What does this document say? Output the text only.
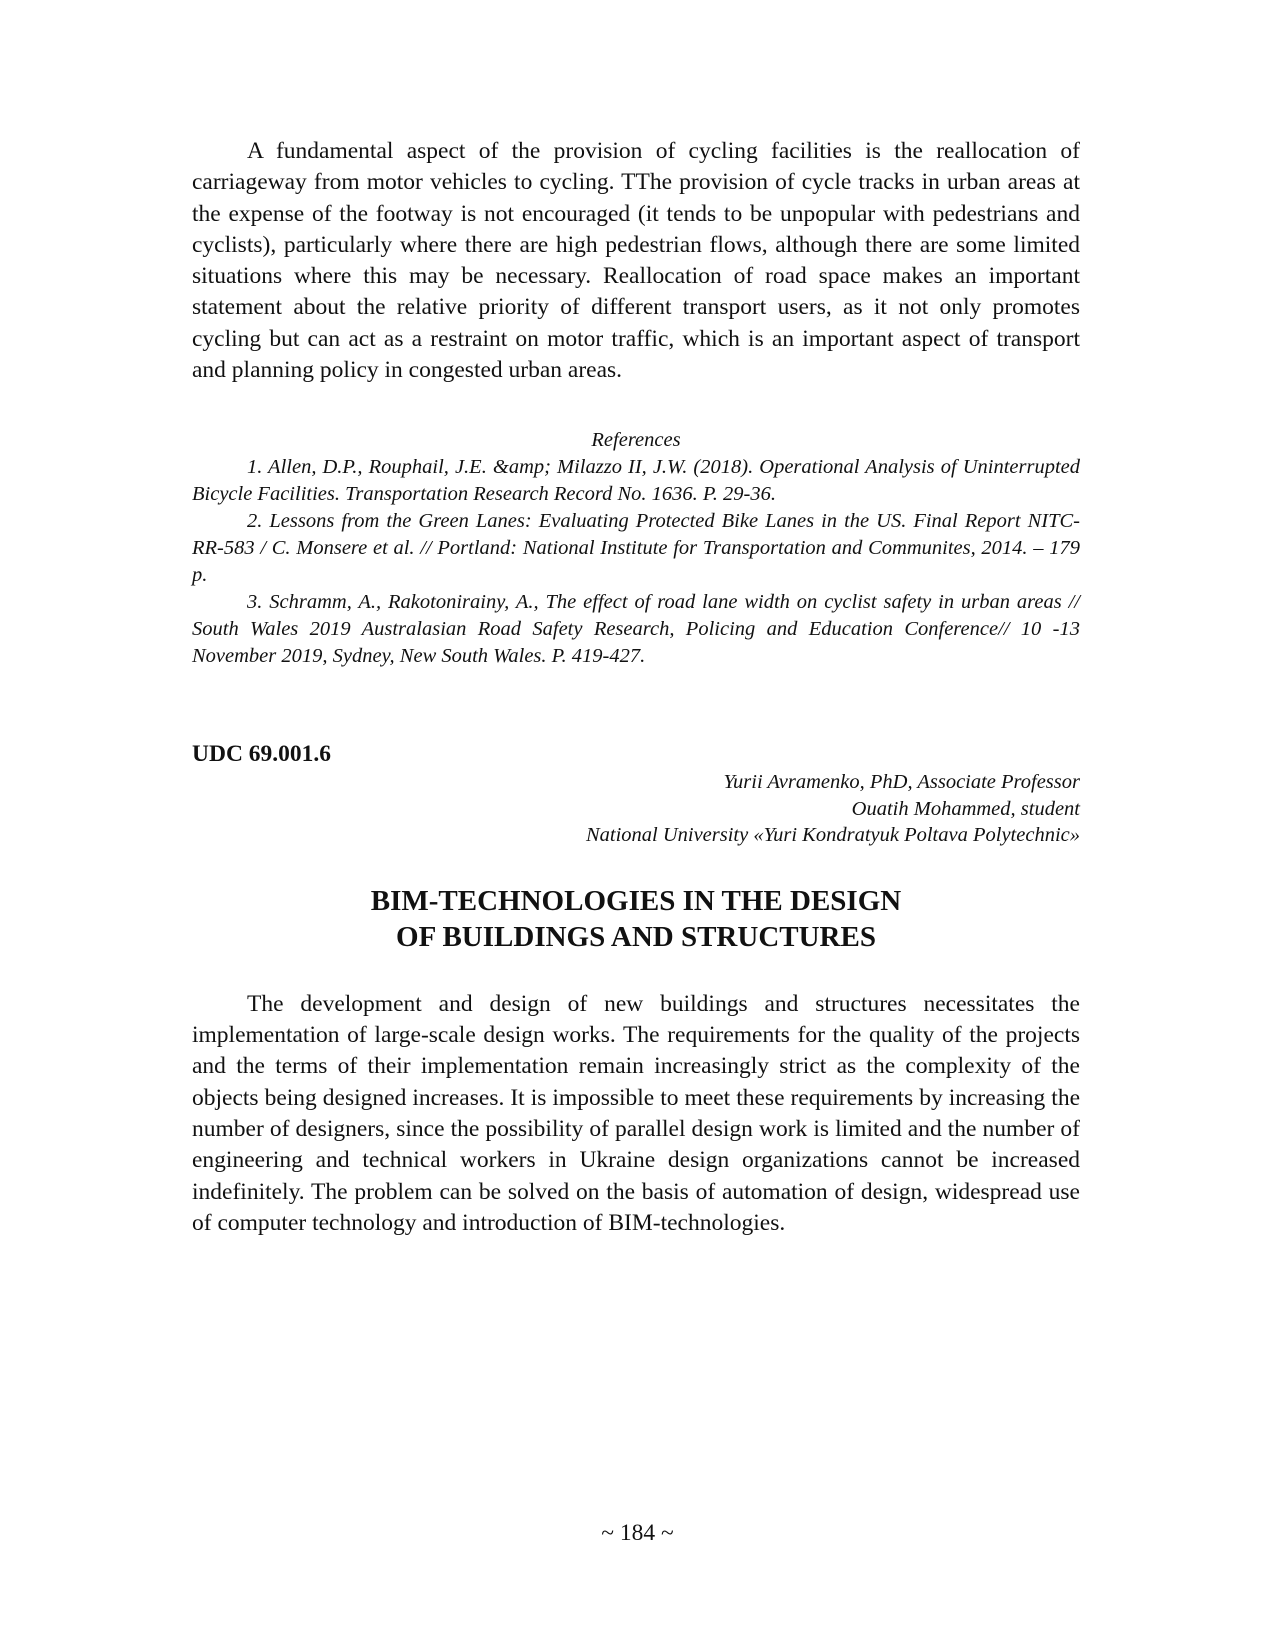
A fundamental aspect of the provision of cycling facilities is the reallocation of carriageway from motor vehicles to cycling. TThe provision of cycle tracks in urban areas at the expense of the footway is not encouraged (it tends to be unpopular with pedestrians and cyclists), particularly where there are high pedestrian flows, although there are some limited situations where this may be necessary. Reallocation of road space makes an important statement about the relative priority of different transport users, as it not only promotes cycling but can act as a restraint on motor traffic, which is an important aspect of transport and planning policy in congested urban areas.

References

1. Allen, D.P., Rouphail, J.E. &amp; Milazzo II, J.W. (2018). Operational Analysis of Uninterrupted Bicycle Facilities. Transportation Research Record No. 1636. P. 29-36.

2. Lessons from the Green Lanes: Evaluating Protected Bike Lanes in the US. Final Report NITC-RR-583 / C. Monsere et al. // Portland: National Institute for Transportation and Communites, 2014. – 179 p.

3. Schramm, A., Rakotonirainy, A., The effect of road lane width on cyclist safety in urban areas // South Wales 2019 Australasian Road Safety Research, Policing and Education Conference// 10 -13 November 2019, Sydney, New South Wales. P. 419-427.

UDC 69.001.6

Yurii Avramenko, PhD, Associate Professor

Ouatih Mohammed, student

National University «Yuri Kondratyuk Poltava Polytechnic»

BIM-TECHNOLOGIES IN THE DESIGN

OF BUILDINGS AND STRUCTURES

The development and design of new buildings and structures necessitates the implementation of large-scale design works. The requirements for the quality of the projects and the terms of their implementation remain increasingly strict as the complexity of the objects being designed increases. It is impossible to meet these requirements by increasing the number of designers, since the possibility of parallel design work is limited and the number of engineering and technical workers in Ukraine design organizations cannot be increased indefinitely. The problem can be solved on the basis of automation of design, widespread use of computer technology and introduction of BIM-technologies.

~ 184 ~
